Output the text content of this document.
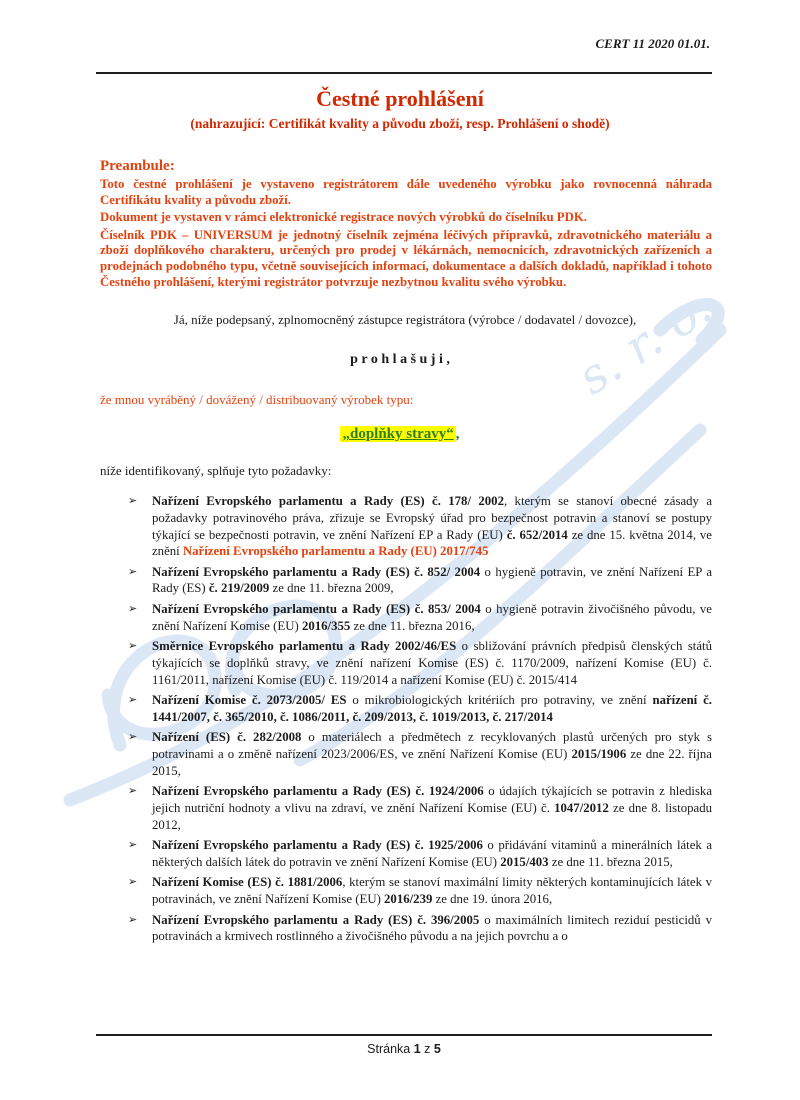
s. r. o.
CERT 11 2020 01.01.
Čestné prohlášení
(nahrazující: Certifikát kvality a původu zboží, resp. Prohlášení o shodě)
Preambule:
Toto čestné prohlášení je vystaveno registrátorem dále uvedeného výrobku jako rovnocenná náhrada Certifikátu kvality a původu zboží.
Dokument je vystaven v rámci elektronické registrace nových výrobků do číselníku PDK.
Číselník PDK – UNIVERSUM je jednotný číselník zejména léčivých přípravků, zdravotnického materiálu a zboží doplňkového charakteru, určených pro prodej v lékárnách, nemocnicích, zdravotnických zařízeních a prodejnách podobného typu, včetně souvisejících informací, dokumentace a dalších dokladů, například i tohoto Čestného prohlášení, kterými registrátor potvrzuje nezbytnou kvalitu svého výrobku.
Já, níže podepsaný, zplnomocněný zástupce registrátora (výrobce / dodavatel / dovozce),
p r o h l a š u j i ,
že mnou vyráběný / dovážený / distribuovaný výrobek typu:
„doplňky stravy“ ,
níže identifikovaný, splňuje tyto požadavky:
➢ Nařízení Evropského parlamentu a Rady (ES) č. 178/ 2002, kterým se stanoví obecné zásady a požadavky potravinového práva, zřizuje se Evropský úřad pro bezpečnost potravin a stanoví se postupy týkající se bezpečnosti potravin, ve znění Nařízení EP a Rady (EU) č. 652/2014 ze dne 15. května 2014, ve znění Nařízení Evropského parlamentu a Rady (EU) 2017/745
➢ Nařízení Evropského parlamentu a Rady (ES) č. 852/ 2004 o hygieně potravin, ve znění Nařízení EP a Rady (ES) č. 219/2009 ze dne 11. března 2009,
➢ Nařízení Evropského parlamentu a Rady (ES) č. 853/ 2004 o hygieně potravin živočišného původu, ve znění Nařízení Komise (EU) 2016/355 ze dne 11. března 2016,
➢ Směrnice Evropského parlamentu a Rady 2002/46/ES o sbližování právních předpisů členských států týkajících se doplňků stravy, ve znění nařízení Komise (ES) č. 1170/2009, nařízení Komise (EU) č. 1161/2011, nařízení Komise (EU) č. 119/2014 a nařízení Komise (EU) č. 2015/414
➢ Nařízení Komise č. 2073/2005/ ES o mikrobiologických kritériích pro potraviny, ve znění nařízení č. 1441/2007, č. 365/2010, č. 1086/2011, č. 209/2013, č. 1019/2013, č. 217/2014
➢ Nařízení (ES) č. 282/2008 o materiálech a předmětech z recyklovaných plastů určených pro styk s potravinami a o změně nařízení 2023/2006/ES, ve znění Nařízení Komise (EU) 2015/1906 ze dne 22. října 2015,
➢ Nařízení Evropského parlamentu a Rady (ES) č. 1924/2006 o údajích týkajících se potravin z hlediska jejich nutriční hodnoty a vlivu na zdraví, ve znění Nařízení Komise (EU) č. 1047/2012 ze dne 8. listopadu 2012,
➢ Nařízení Evropského parlamentu a Rady (ES) č. 1925/2006 o přidávání vitaminů a minerálních látek a některých dalších látek do potravin ve znění Nařízení Komise (EU) 2015/403 ze dne 11. března 2015,
➢ Nařízení Komise (ES) č. 1881/2006, kterým se stanoví maximální limity některých kontaminujících látek v potravinách, ve znění Nařízení Komise (EU) 2016/239 ze dne 19. února 2016,
➢ Nařízení Evropského parlamentu a Rady (ES) č. 396/2005 o maximálních limitech reziduí pesticidů v potravinách a krmivech rostlinného a živočišného původu a na jejich povrchu a o
Stránka 1 z 5
